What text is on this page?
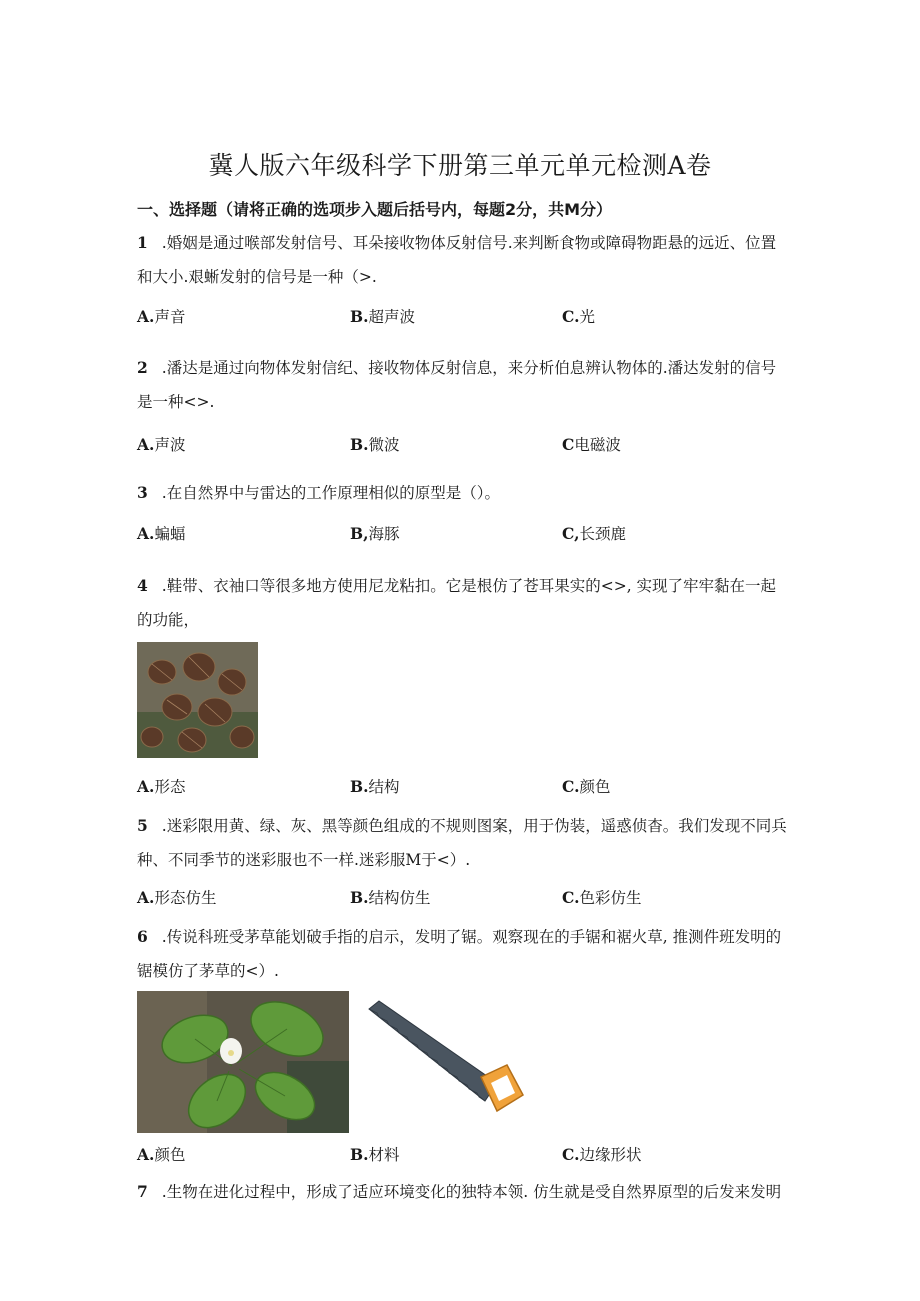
冀人版六年级科学下册第三单元单元检测A卷
一、选择题（请将正确的选项步入题后括号内，每题2分，共M分）
1 .婚姻是通过喉部发射信号、耳朵接收物体反射信号.来判断食物或障碍物距悬的远近、位置和大小.艰蜥发射的信号是一种（>.
A.声音	B.超声波	C.光
2 .潘达是通过向物体发射信纪、接收物体反射信息，来分析伯息辨认物体的.潘达发射的信号是一种<>.
A.声波	B.微波	C电磁波
3 .在自然界中与雷达的工作原理相似的原型是（）。
A.蝙蝠	B,海豚	C,长颈鹿
4 .鞋带、衣袖口等很多地方使用尼龙粘扣。它是根仿了苍耳果实的<>, 实现了牢牢黏在一起的功能，
A.形态	B.结构	C.颜色
5 .迷彩限用黄、绿、灰、黑等颜色组成的不规则图案，用于伪装，遥惑侦杳。我们发现不同兵种、不同季节的迷彩服也不一样.迷彩服M于<）.
A.形态仿生	B.结构仿生	C.色彩仿生
6 .传说科班受茅草能划破手指的启示，发明了锯。观察现在的手锯和裾火草, 推测件班发明的锯模仿了茅草的<）.
A.颜色	B.材料	C.边缘形状
7 .生物在进化过程中，形成了适应环境变化的独特本领. 仿生就是受自然界原型的后发来发明
